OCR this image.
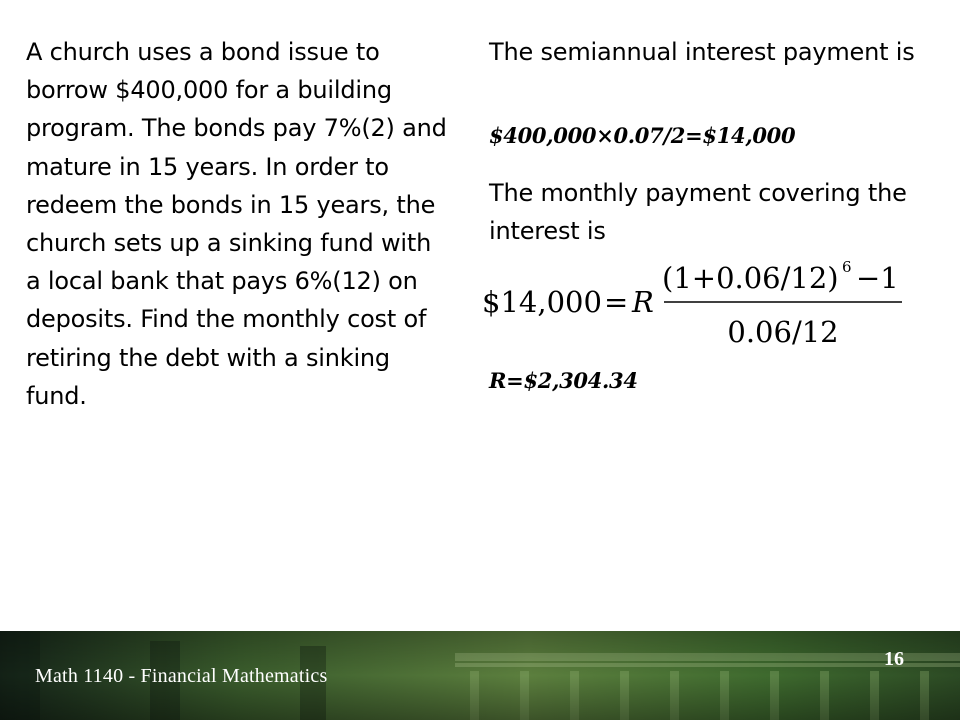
A church uses a bond issue to borrow $400,000 for a building program. The bonds pay 7%(2) and mature in 15 years. In order to redeem the bonds in 15 years, the church sets up a sinking fund with a local bank that pays 6%(12) on deposits. Find the monthly cost of retiring the debt with a sinking fund.
The semiannual interest payment is
$400,000×0.07/2=$14,000
The monthly payment covering the interest is
$14,000 = R
(1+0.06/12) 6 −1
0.06/12
R=$2,304.34
Math 1140 - Financial Mathematics
16
